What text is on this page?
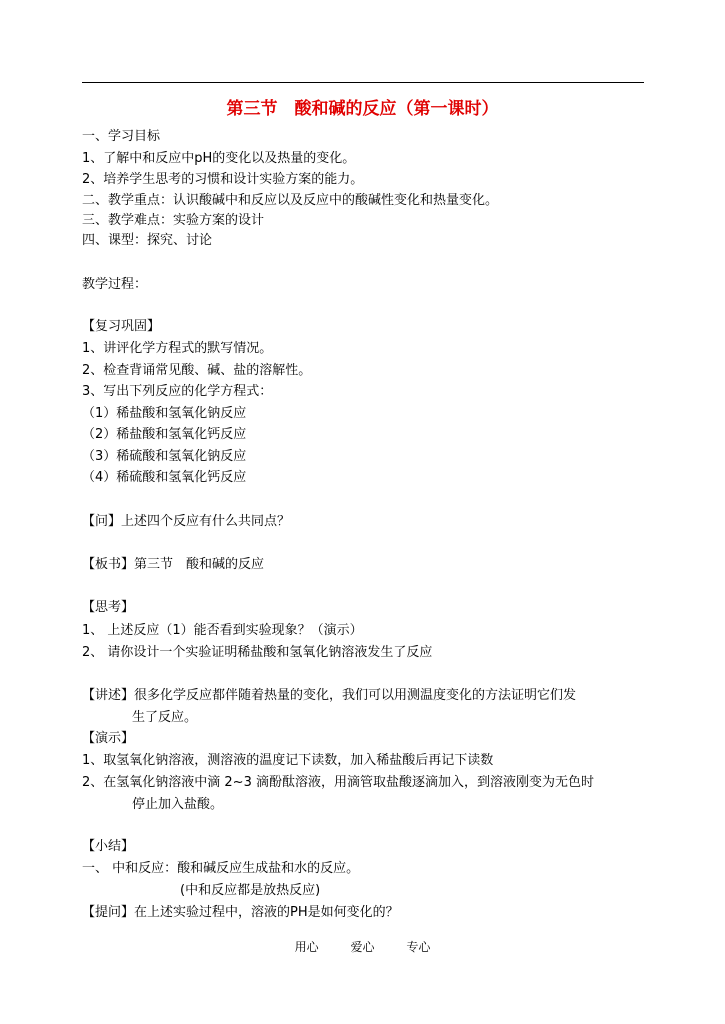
第三节　酸和碱的反应（第一课时）
一、学习目标
1、了解中和反应中pH的变化以及热量的变化。
2、培养学生思考的习惯和设计实验方案的能力。
二、教学重点：认识酸碱中和反应以及反应中的酸碱性变化和热量变化。
三、教学难点：实验方案的设计
四、课型：探究、讨论
教学过程：
【复习巩固】
1、讲评化学方程式的默写情况。
2、检查背诵常见酸、碱、盐的溶解性。
3、写出下列反应的化学方程式：
（1）稀盐酸和氢氧化钠反应
（2）稀盐酸和氢氧化钙反应
（3）稀硫酸和氢氧化钠反应
（4）稀硫酸和氢氧化钙反应
【问】上述四个反应有什么共同点？
【板书】第三节　酸和碱的反应
【思考】
1、 上述反应（1）能否看到实验现象？（演示）
2、 请你设计一个实验证明稀盐酸和氢氧化钠溶液发生了反应
【讲述】很多化学反应都伴随着热量的变化，我们可以用测温度变化的方法证明它们发
生了反应。
【演示】
1、取氢氧化钠溶液，测溶液的温度记下读数，加入稀盐酸后再记下读数
2、在氢氧化钠溶液中滴 2~3 滴酚酞溶液，用滴管取盐酸逐滴加入，到溶液刚变为无色时
停止加入盐酸。
【小结】
一、 中和反应：酸和碱反应生成盐和水的反应。
(中和反应都是放热反应)
【提问】在上述实验过程中，溶液的PH是如何变化的？
用心	爱心	专心
